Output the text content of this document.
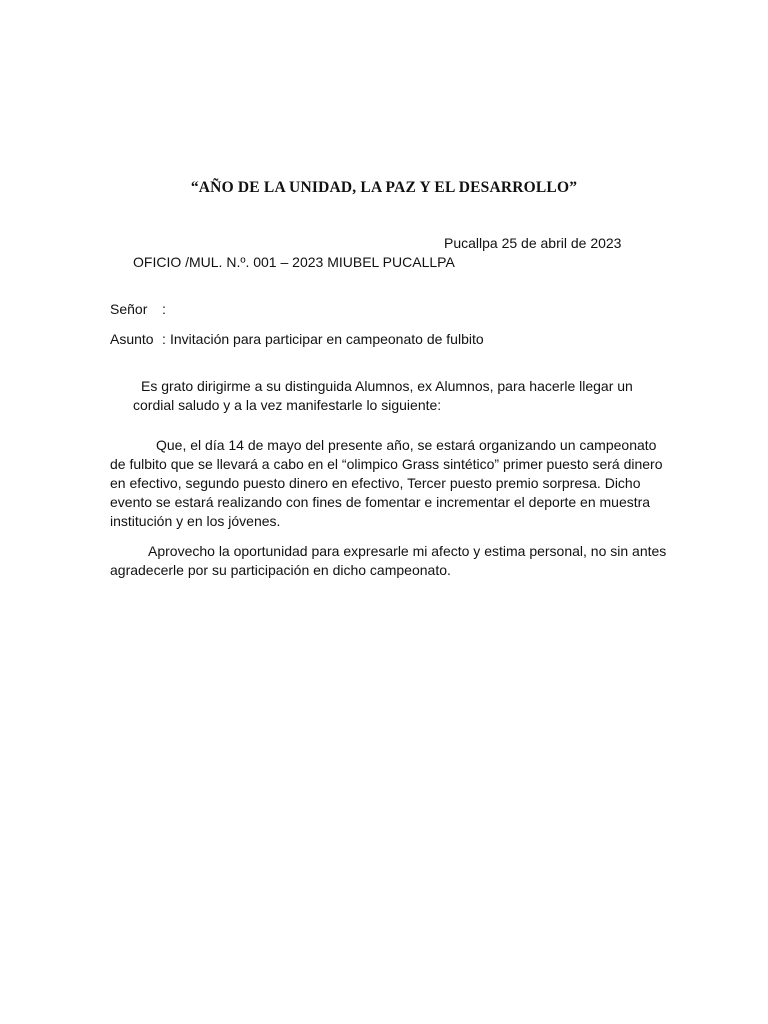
“AÑO DE LA UNIDAD, LA PAZ Y EL DESARROLLO”
Pucallpa 25 de abril de 2023
OFICIO /MUL. N.º. 001 – 2023 MIUBEL PUCALLPA
Señor :
Asunto : Invitación para participar en campeonato de fulbito

Es grato dirigirme a su distinguida Alumnos, ex Alumnos, para hacerle llegar un cordial saludo y a la vez manifestarle lo siguiente:

Que, el día 14 de mayo del presente año, se estará organizando un campeonato de fulbito que se llevará a cabo en el “olimpico Grass sintético” primer puesto será dinero en efectivo, segundo puesto dinero en efectivo, Tercer puesto premio sorpresa. Dicho evento se estará realizando con fines de fomentar e incrementar el deporte en muestra institución y en los jóvenes.

Aprovecho la oportunidad para expresarle mi afecto y estima personal, no sin antes agradecerle por su participación en dicho campeonato.
